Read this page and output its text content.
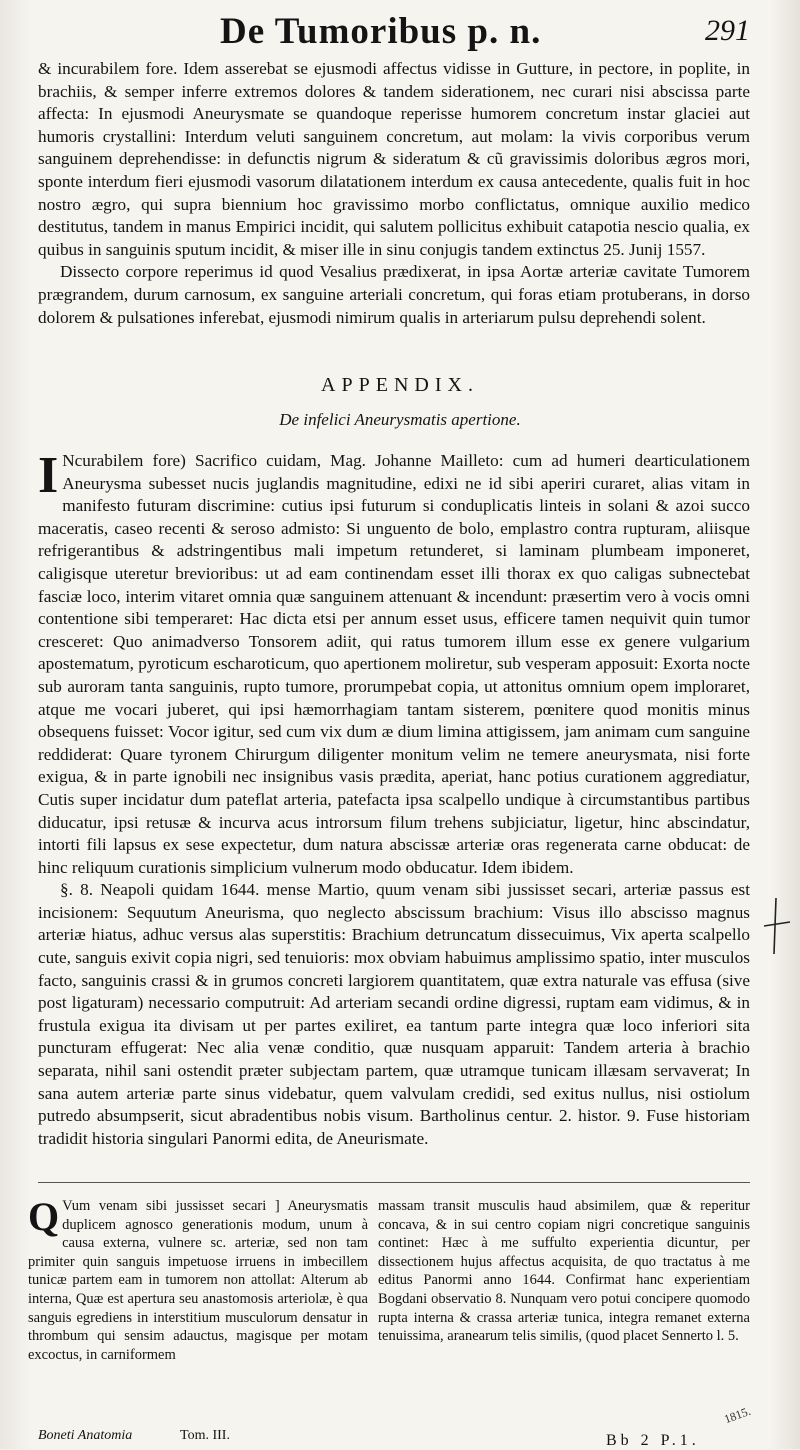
De Tumoribus p. n.	291

& incurabilem fore. Idem asserebat se ejusmodi affectus vidisse in Gutture, in pectore, in poplite, in brachiis, & semper inferre extremos dolores & tandem siderationem, nec curari nisi abscissa parte affecta: In ejusmodi Aneurysmate se quandoque reperisse humorem concretum instar glaciei aut humoris crystallini: Interdum veluti sanguinem concretum, aut molam: la vivis corporibus verum sanguinem deprehendisse: in defunctis nigrum & sideratum & cũ gravissimis doloribus ægros mori, sponte interdum fieri ejusmodi vasorum dilatationem interdum ex causa antecedente, qualis fuit in hoc nostro ægro, qui supra biennium hoc gravissimo morbo conflictatus, omnique auxilio medico destitutus, tandem in manus Empirici incidit, qui salutem pollicitus exhibuit catapotia nescio qualia, ex quibus in sanguinis sputum incidit, & miser ille in sinu conjugis tandem extinctus 25. Junij 1557.

Dissecto corpore reperimus id quod Vesalius prædixerat, in ipsa Aortæ arteriæ cavitate Tumorem prægrandem, durum carnosum, ex sanguine arteriali concretum, qui foras etiam protuberans, in dorso dolorem & pulsationes inferebat, ejusmodi nimirum qualis in arteriarum pulsu deprehendi solent.

APPENDIX.
De infelici Aneurysmatis apertione.

I Ncurabilem fore) Sacrifico cuidam, Mag. Johanne Mailleto: cum ad humeri dearticulationem Aneurysma subesset nucis juglandis magnitudine, edixi ne id sibi aperiri curaret, alias vitam in manifesto futuram discrimine: cutius ipsi futurum si conduplicatis linteis in solani & azoi succo maceratis, caseo recenti & seroso admisto: Si unguento de bolo, emplastro contra rupturam, aliisque refrigerantibus & adstringentibus mali impetum retunderet, si laminam plumbeam imponeret, caligisque uteretur brevioribus: ut ad eam continendam esset illi thorax ex quo caligas subnectebat fasciæ loco, interim vitaret omnia quæ sanguinem attenuant & incendunt: præsertim vero à vocis omni contentione sibi temperaret: Hac dicta etsi per annum esset usus, efficere tamen nequivit quin tumor cresceret: Quo animadverso Tonsorem adiit, qui ratus tumorem illum esse ex genere vulgarium apostematum, pyroticum escharoticum, quo apertionem moliretur, sub vesperam apposuit: Exorta nocte sub auroram tanta sanguinis, rupto tumore, prorumpebat copia, ut attonitus omnium opem imploraret, atque me vocari juberet, qui ipsi hæmorrhagiam tantam sisterem, pœnitere quod monitis minus obsequens fuisset: Vocor igitur, sed cum vix dum æ dium limina attigissem, jam animam cum sanguine reddiderat: Quare tyronem Chirurgum diligenter monitum velim ne temere aneurysmata, nisi forte exigua, & in parte ignobili nec insignibus vasis prædita, aperiat, hanc potius curationem aggrediatur, Cutis super incidatur dum pateflat arteria, patefacta ipsa scalpello undique à circumstantibus partibus diducatur, ipsi retusæ & incurva acus introrsum filum trehens subjiciatur, ligetur, hinc abscindatur, intorti fili lapsus ex sese expectetur, dum natura abscissæ arteriæ oras regenerata carne obducat: de hinc reliquum curationis simplicium vulnerum modo obducatur. Idem ibidem.

§. 8. Neapoli quidam 1644. mense Martio, quum venam sibi jussisset secari, arteriæ passus est incisionem: Sequutum Aneurisma, quo neglecto abscissum brachium: Visus illo abscisso magnus arteriæ hiatus, adhuc versus alas superstitis: Brachium detruncatum dissecuimus, Vix aperta scalpello cute, sanguis exivit copia nigri, sed tenuioris: mox obviam habuimus amplissimo spatio, inter musculos facto, sanguinis crassi & in grumos concreti largiorem quantitatem, quæ extra naturale vas effusa (sive post ligaturam) necessario computruit: Ad arteriam secandi ordine digressi, ruptam eam vidimus, & in frustula exigua ita divisam ut per partes exiliret, ea tantum parte integra quæ loco inferiori sita puncturam effugerat: Nec alia venæ conditio, quæ nusquam apparuit: Tandem arteria à brachio separata, nihil sani ostendit præter subjectam partem, quæ utramque tunicam illæsam servaverat; In sana autem arteriæ parte sinus videbatur, quem valvulam credidi, sed exitus nullus, nisi ostiolum putredo absumpserit, sicut abradentibus nobis visum. Bartholinus centur. 2. histor. 9. Fuse historiam tradidit historia singulari Panormi edita, de Aneurismate.

Q Vum venam sibi jussisset secari ] Aneurysmatis duplicem agnosco generationis modum, unum à causa externa, vulnere sc. arteriæ, sed non tam primiter quin sanguis impetuose irruens in imbecillem tunicæ partem eam in tumorem non attollat: Alterum ab interna, Quæ est apertura seu anastomosis arteriolæ, è qua sanguis egrediens in interstitium musculorum densatur in thrombum qui sensim adauctus, magisque per motam excoctus, in carniformem

massam transit musculis haud absimilem, quæ & reperitur concava, & in sui centro copiam nigri concretique sanguinis continet: Hæc à me suffulto experientia dicuntur, per dissectionem hujus affectus acquisita, de quo tractatus à me editus Panormi anno 1644. Confirmat hanc experientiam Bogdani observatio 8. Nunquam vero potui concipere quomodo rupta interna & crassa arteriæ tunica, integra remanet externa tenuissima, aranearum telis similis, (quod placet Sennerto l. 5.

Boneti Anatomia	Tom. III.	Bb 2 P.1.
1815.
